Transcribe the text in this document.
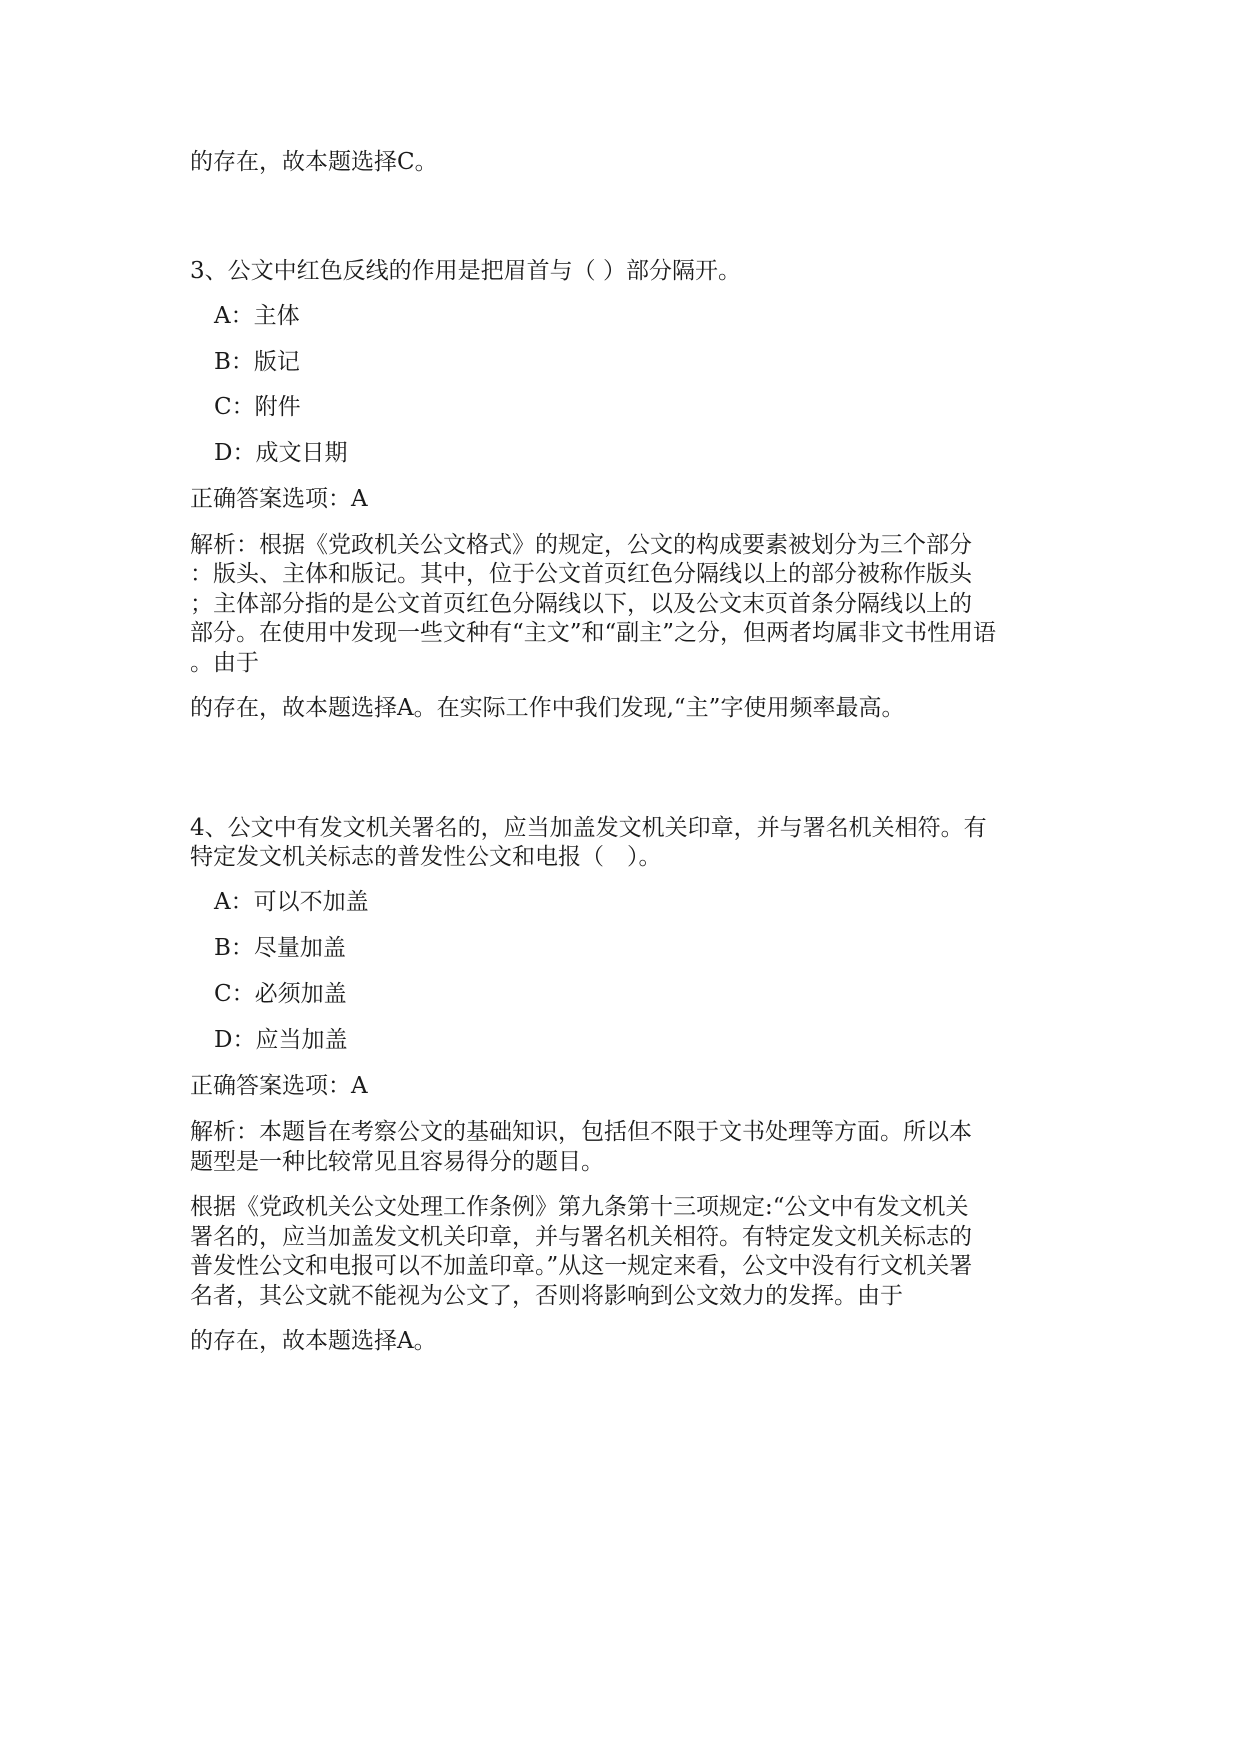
的存在，故本题选择C。
3、公文中红色反线的作用是把眉首与（ ）部分隔开。
A：主体
B：版记
C：附件
D：成文日期
正确答案选项：A
解析：根据《党政机关公文格式》的规定，公文的构成要素被划分为三个部分
：版头、主体和版记。其中，位于公文首页红色分隔线以上的部分被称作版头
；主体部分指的是公文首页红色分隔线以下，以及公文末页首条分隔线以上的
部分。在使用中发现一些文种有“主文”和“副主”之分，但两者均属非文书性用语
。由于
的存在，故本题选择A。在实际工作中我们发现,“主”字使用频率最高。
4、公文中有发文机关署名的，应当加盖发文机关印章，并与署名机关相符。有
特定发文机关标志的普发性公文和电报（　）。
A：可以不加盖
B：尽量加盖
C：必须加盖
D：应当加盖
正确答案选项：A
解析：本题旨在考察公文的基础知识，包括但不限于文书处理等方面。所以本
题型是一种比较常见且容易得分的题目。
根据《党政机关公文处理工作条例》第九条第十三项规定:“公文中有发文机关
署名的，应当加盖发文机关印章，并与署名机关相符。有特定发文机关标志的
普发性公文和电报可以不加盖印章。”从这一规定来看，公文中没有行文机关署
名者，其公文就不能视为公文了，否则将影响到公文效力的发挥。由于
的存在，故本题选择A。
